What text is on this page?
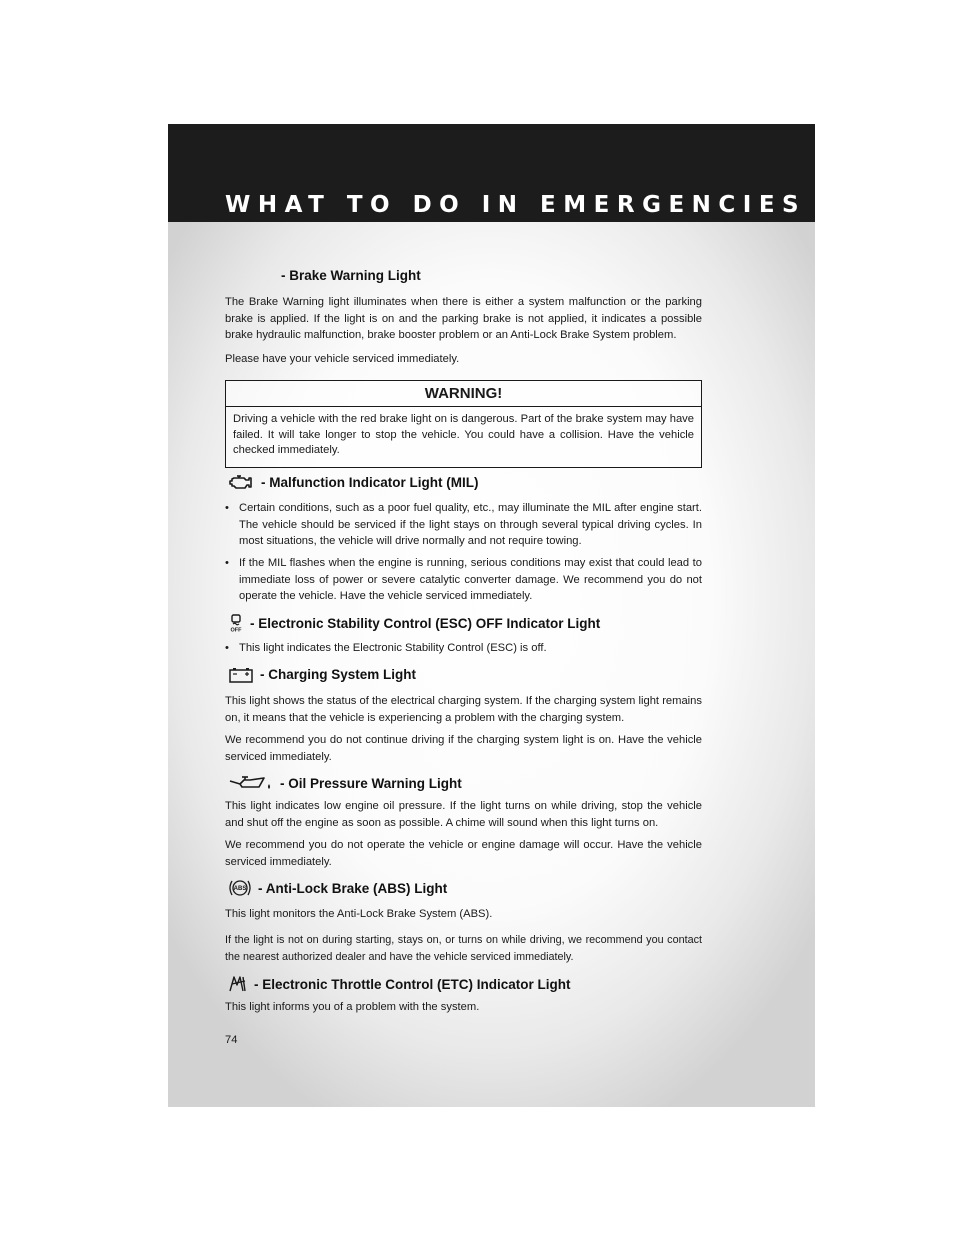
WHAT TO DO IN EMERGENCIES
- Brake Warning Light

The Brake Warning light illuminates when there is either a system malfunction or the parking brake is applied. If the light is on and the parking brake is not applied, it indicates a possible brake hydraulic malfunction, brake booster problem or an Anti-Lock Brake System problem.

Please have your vehicle serviced immediately.

WARNING!
Driving a vehicle with the red brake light on is dangerous. Part of the brake system may have failed. It will take longer to stop the vehicle. You could have a collision. Have the vehicle checked immediately.
- Malfunction Indicator Light (MIL)
• Certain conditions, such as a poor fuel quality, etc., may illuminate the MIL after engine start. The vehicle should be serviced if the light stays on through several typical driving cycles. In most situations, the vehicle will drive normally and not require towing.
• If the MIL flashes when the engine is running, serious conditions may exist that could lead to immediate loss of power or severe catalytic converter damage. We recommend you do not operate the vehicle. Have the vehicle serviced immediately.
OFF - Electronic Stability Control (ESC) OFF Indicator Light
• This light indicates the Electronic Stability Control (ESC) is off.
- Charging System Light

This light shows the status of the electrical charging system. If the charging system light remains on, it means that the vehicle is experiencing a problem with the charging system.

We recommend you do not continue driving if the charging system light is on. Have the vehicle serviced immediately.

- Oil Pressure Warning Light

This light indicates low engine oil pressure. If the light turns on while driving, stop the vehicle and shut off the engine as soon as possible. A chime will sound when this light turns on.

We recommend you do not operate the vehicle or engine damage will occur. Have the vehicle serviced immediately.

ABS - Anti-Lock Brake (ABS) Light

This light monitors the Anti-Lock Brake System (ABS).

If the light is not on during starting, stays on, or turns on while driving, we recommend you contact the nearest authorized dealer and have the vehicle serviced immediately.

- Electronic Throttle Control (ETC) Indicator Light

This light informs you of a problem with the system.

74
